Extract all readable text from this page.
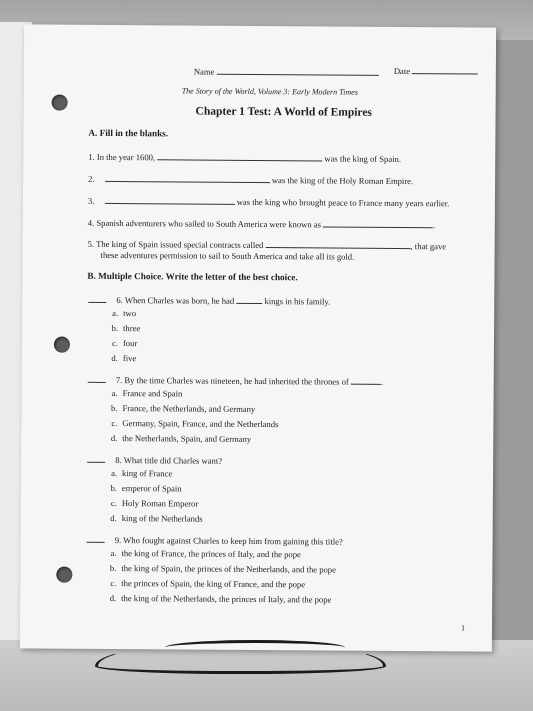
Name	Date
The Story of the World, Volume 3: Early Modern Times
Chapter 1 Test: A World of Empires
A. Fill in the blanks.
1. In the year 1600,	was the king of Spain.
2.	was the king of the Holy Roman Empire.
3.	was the king who brought peace to France many years earlier.
4. Spanish adventurers who sailed to South America were known as	.
5. The king of Spain issued special contracts called	, that gave
these adventures permission to sail to South America and take all its gold.
B. Multiple Choice. Write the letter of the best choice.
6. When Charles was born, he had	kings in his family.
a. two
b. three
c. four
d. five
7. By the time Charles was nineteen, he had inherited the thrones of	.
a. France and Spain
b. France, the Netherlands, and Germany
c. Germany, Spain, France, and the Netherlands
d. the Netherlands, Spain, and Germany
8. What title did Charles want?
a. king of France
b. emperor of Spain
c. Holy Roman Emperor
d. king of the Netherlands
9. Who fought against Charles to keep him from gaining this title?
a. the king of France, the princes of Italy, and the pope
b. the king of Spain, the princes of the Netherlands, and the pope
c. the princes of Spain, the king of France, and the pope
d. the king of the Netherlands, the princes of Italy, and the pope
1
